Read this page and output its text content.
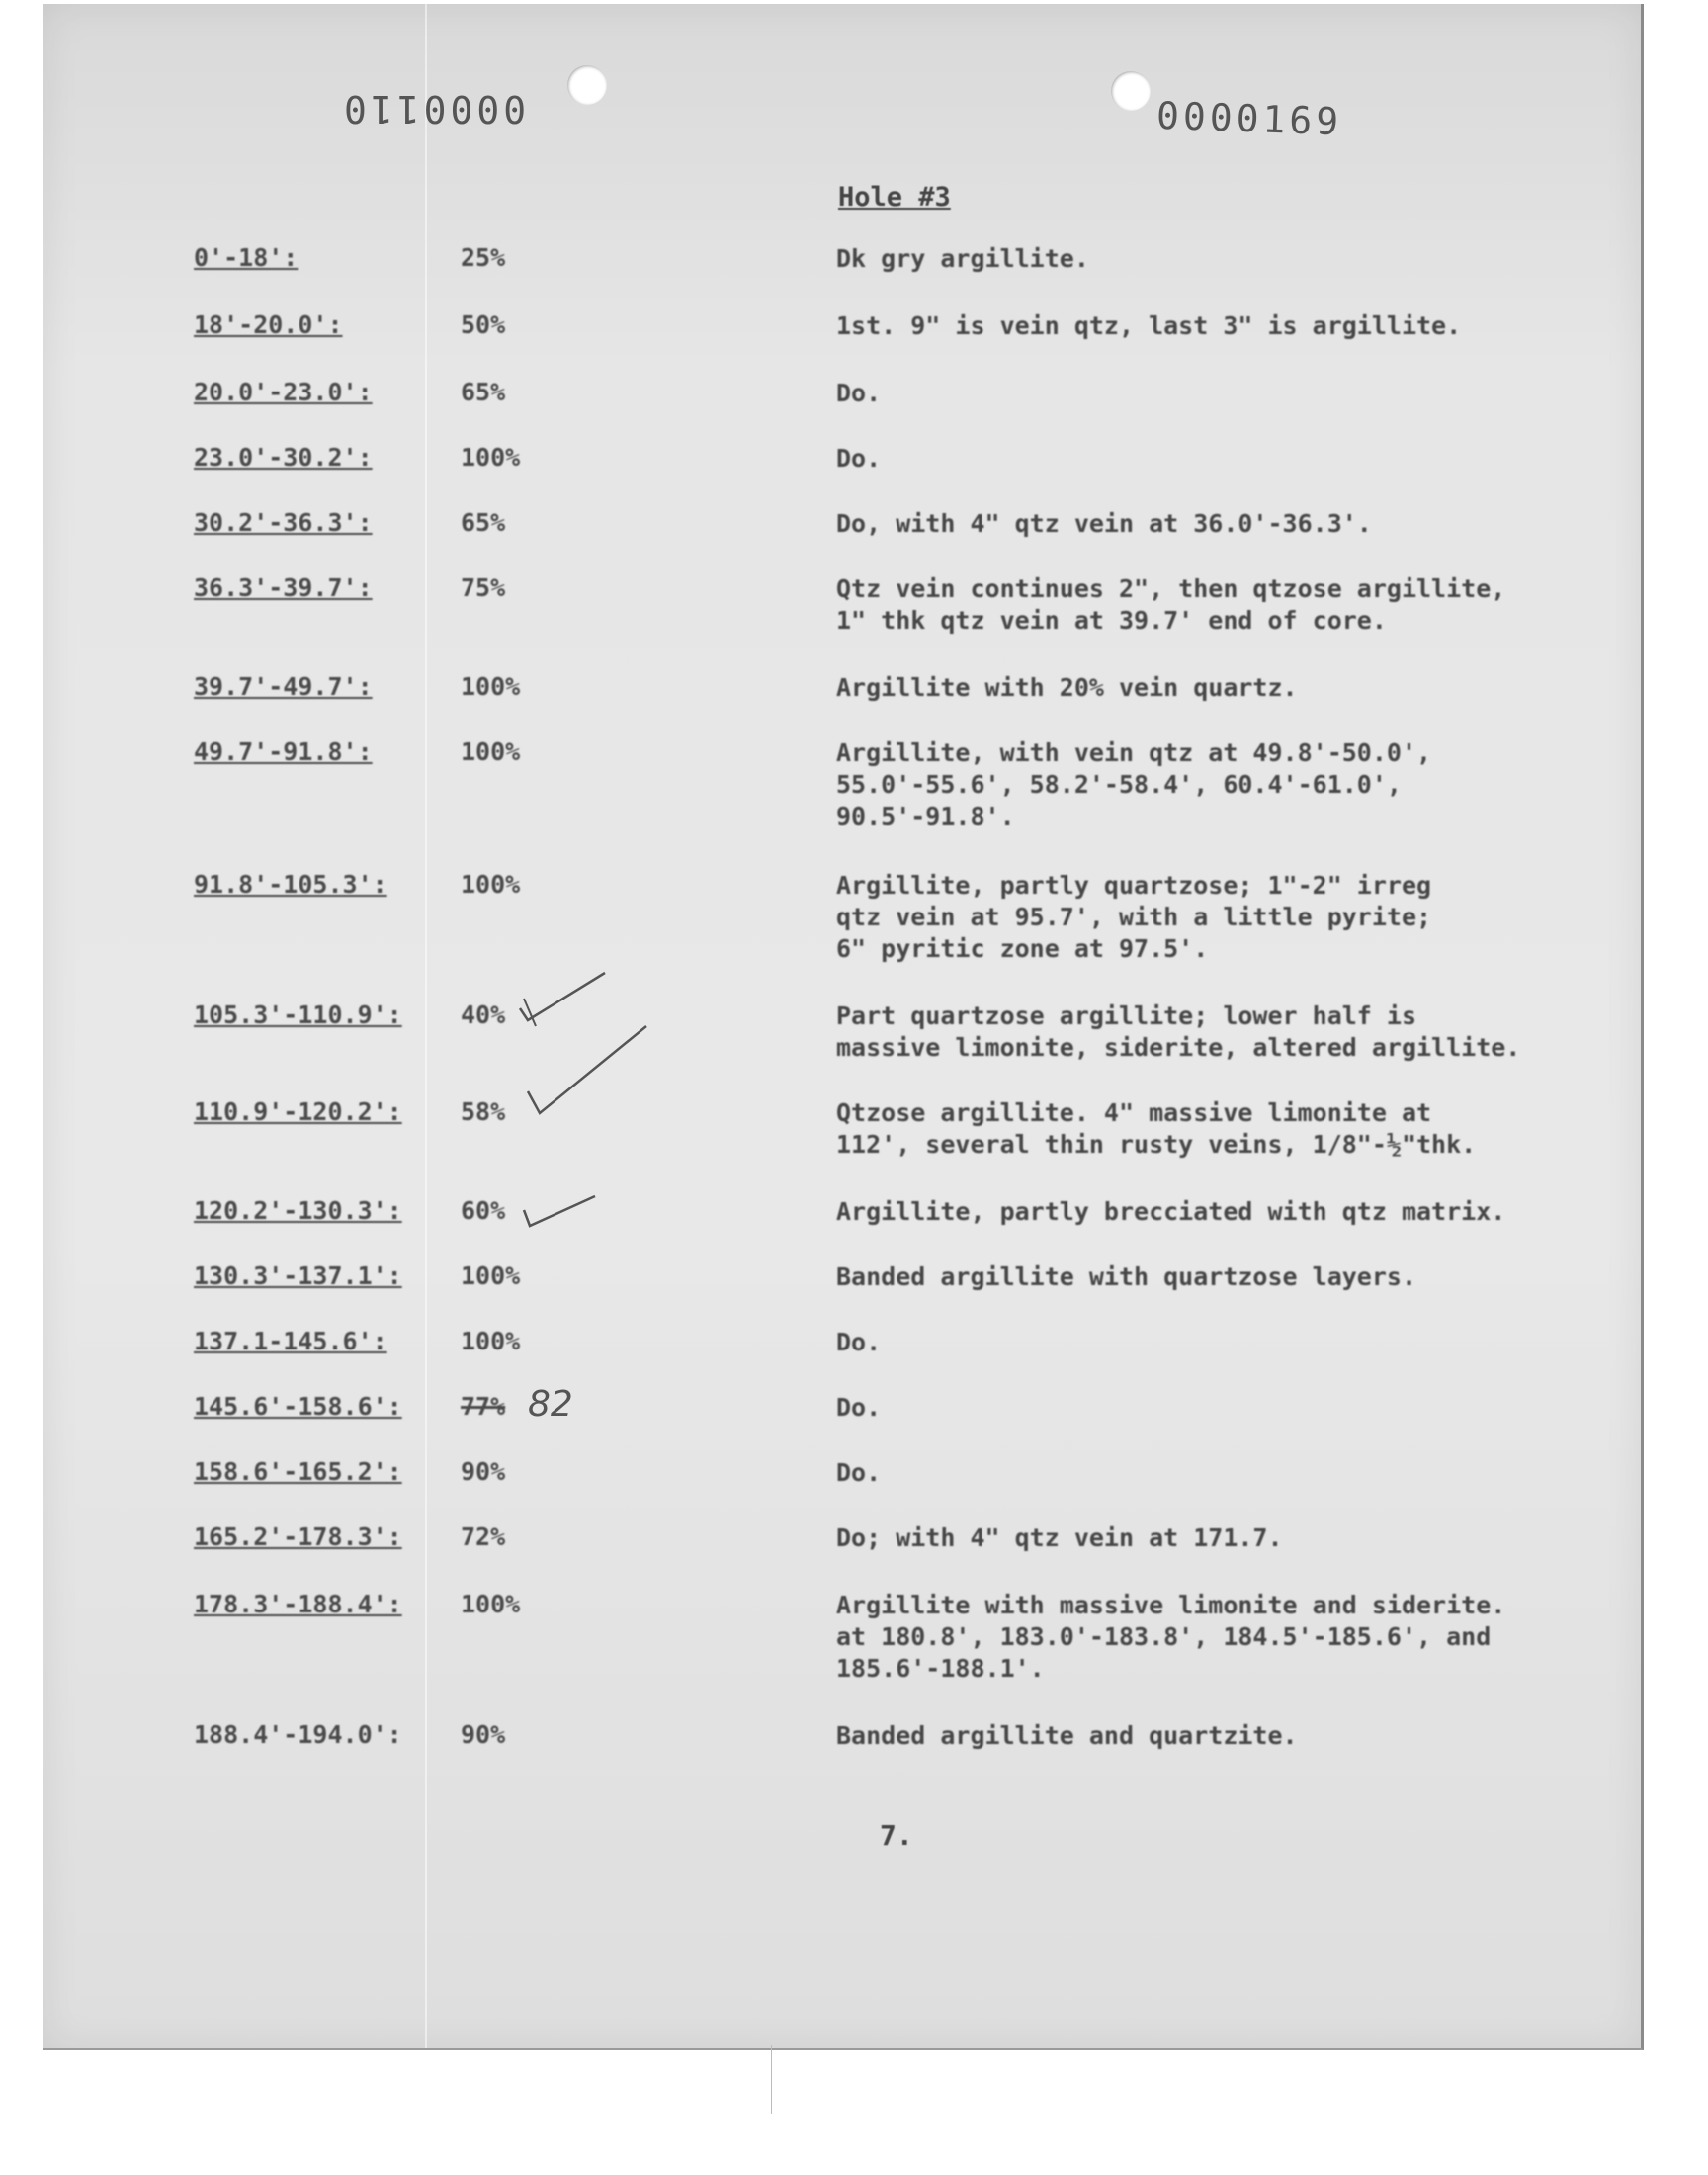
0000110	0000169
Hole #3
0'-18':	25%	Dk gry argillite.
18'-20.0':	50%	1st. 9" is vein qtz, last 3" is argillite.
20.0'-23.0':	65%	Do.
23.0'-30.2':	100%	Do.
30.2'-36.3':	65%	Do, with 4" qtz vein at 36.0'-36.3'.
36.3'-39.7':	75%	Qtz vein continues 2", then qtzose argillite,
1" thk qtz vein at 39.7' end of core.
39.7'-49.7':	100%	Argillite with 20% vein quartz.
49.7'-91.8':	100%	Argillite, with vein qtz at 49.8'-50.0',
55.0'-55.6', 58.2'-58.4', 60.4'-61.0',
90.5'-91.8'.
91.8'-105.3':	100%	Argillite, partly quartzose; 1"-2" irreg
qtz vein at 95.7', with a little pyrite;
6" pyritic zone at 97.5'.
105.3'-110.9': 40%	Part quartzose argillite; lower half is
massive limonite, siderite, altered argillite.
110.9'-120.2': 58%	Qtzose argillite. 4" massive limonite at
112', several thin rusty veins, 1/8"-½"thk.
120.2'-130.3': 60%	Argillite, partly brecciated with qtz matrix.
130.3'-137.1': 100%	Banded argillite with quartzose layers.
137.1-145.6':	100%	Do.
145.6'-158.6': 77%	Do.
158.6'-165.2': 90%	Do.
165.2'-178.3': 72%	Do; with 4" qtz vein at 171.7.
178.3'-188.4': 100%	Argillite with massive limonite and siderite.
at 180.8', 183.0'-183.8', 184.5'-185.6', and
185.6'-188.1'.
188.4'-194.0': 90%	Banded argillite and quartzite.
82
7.
